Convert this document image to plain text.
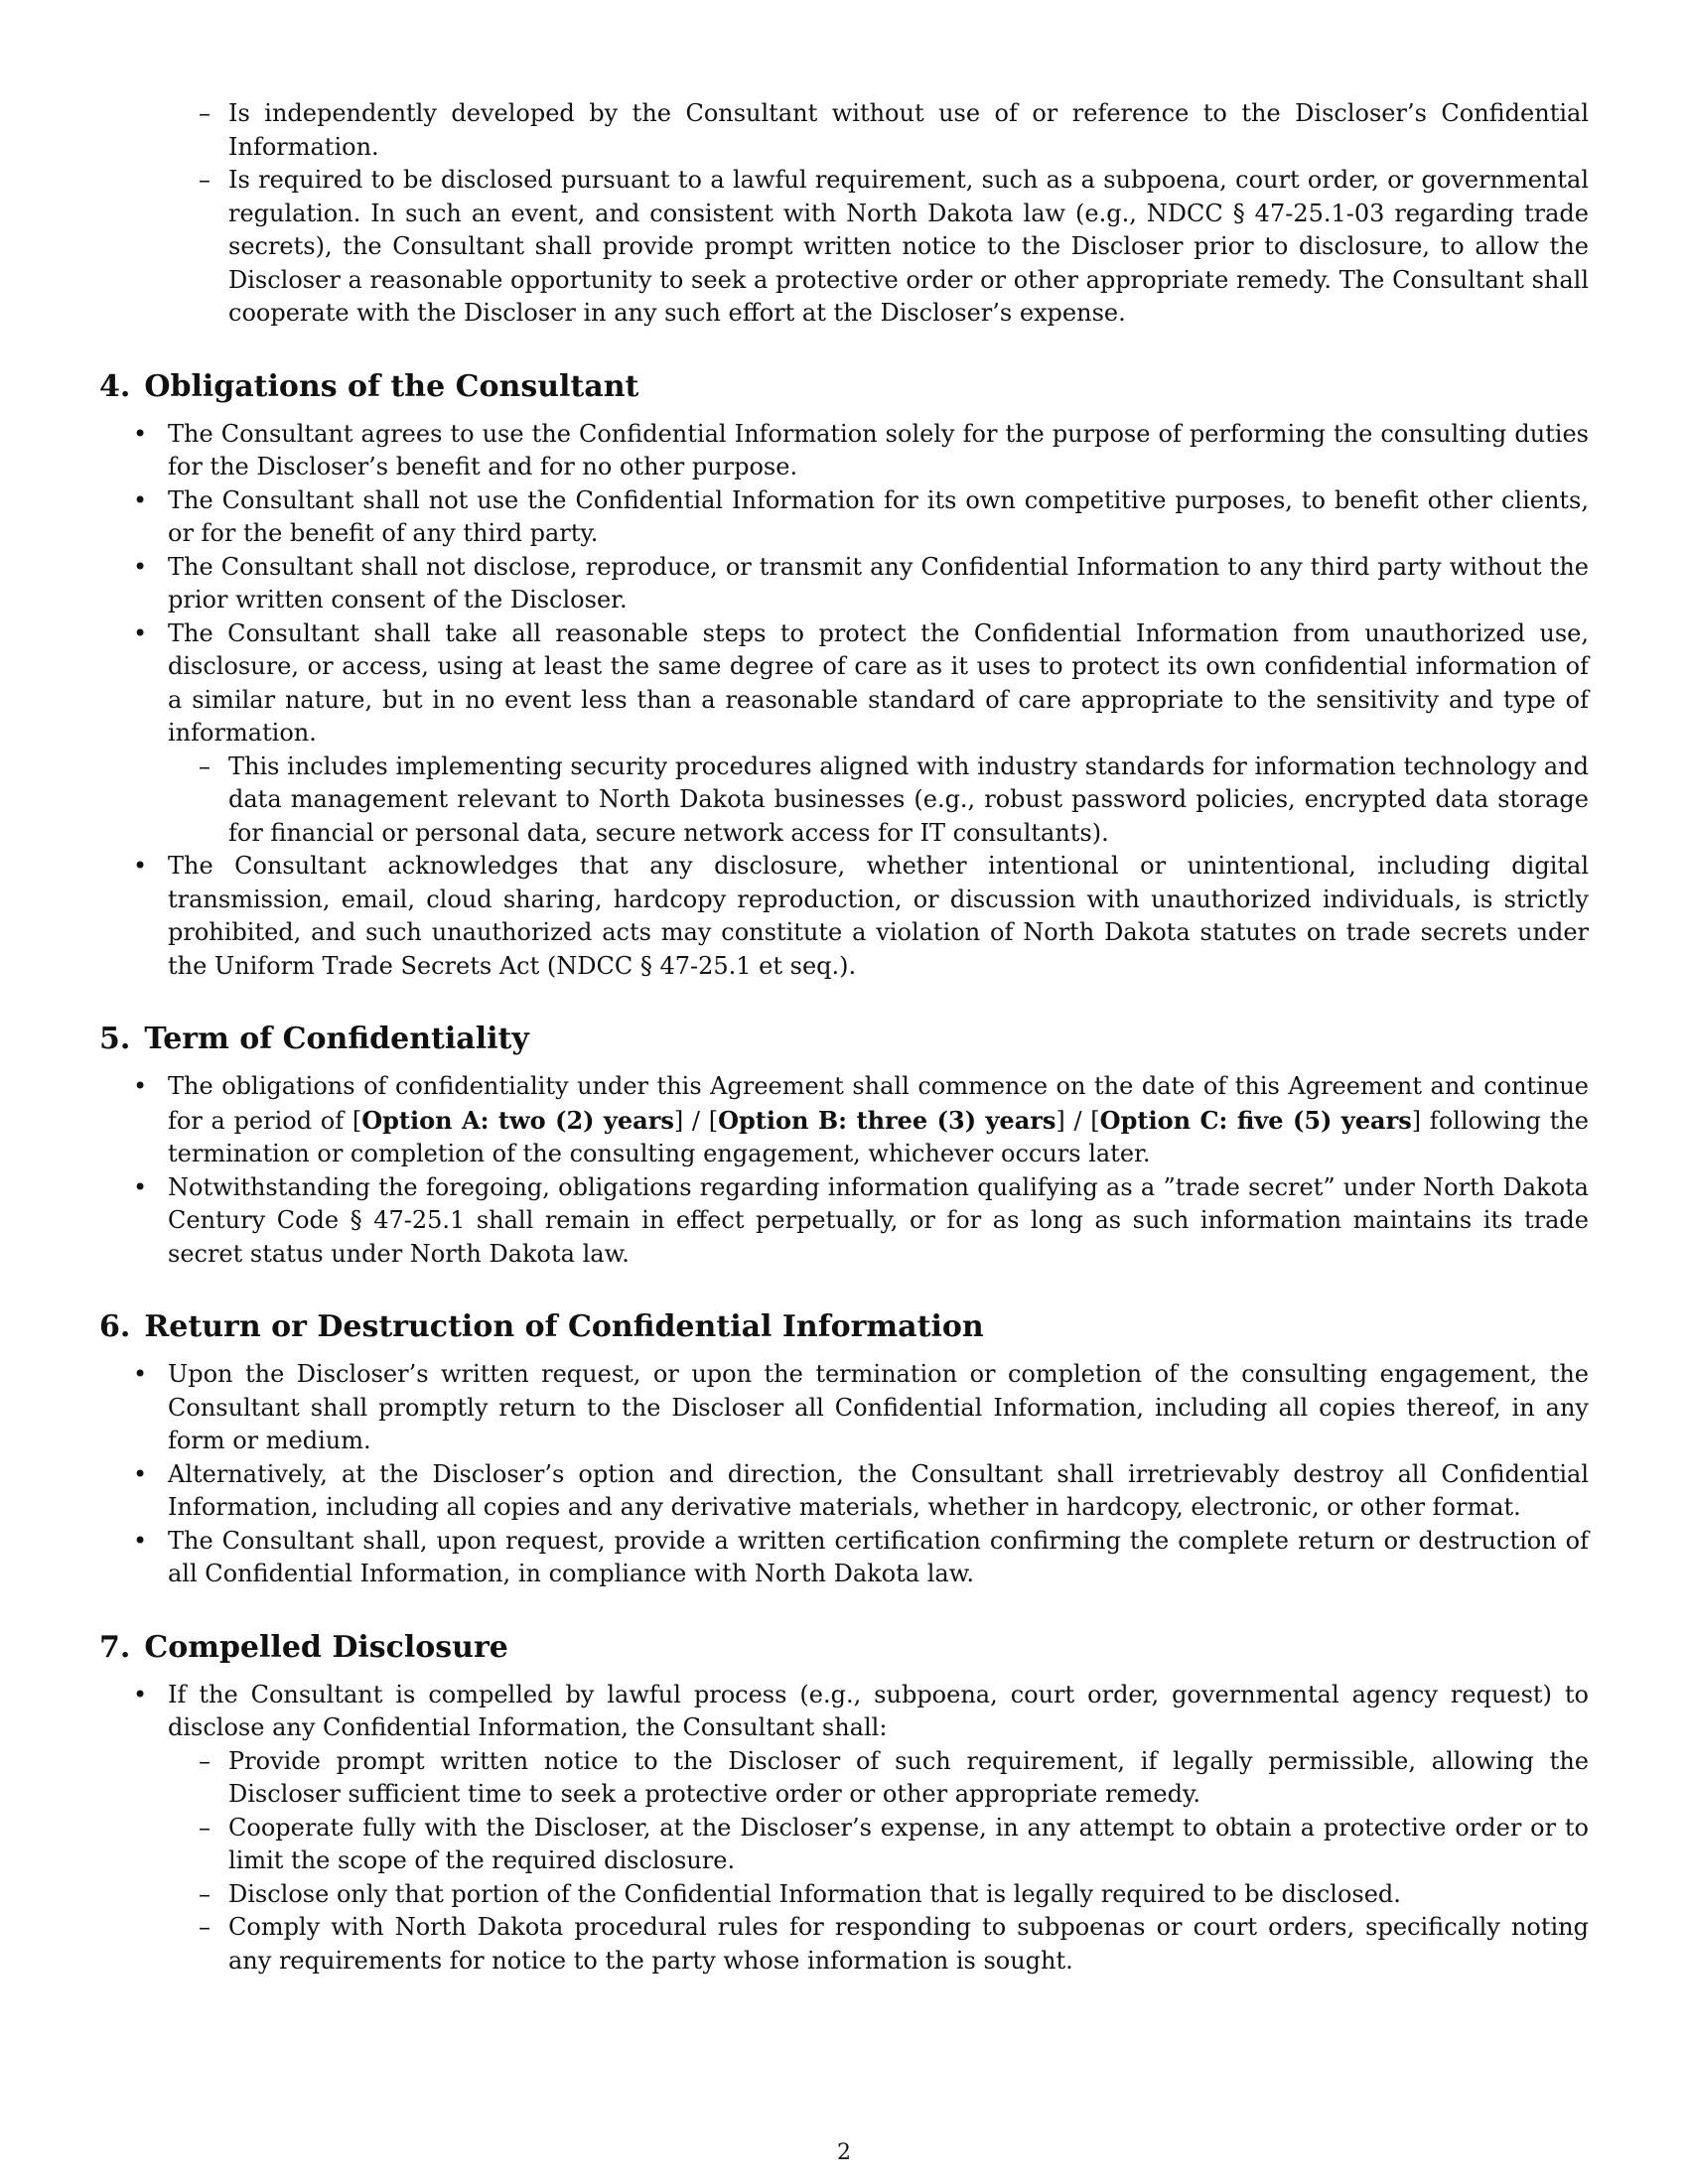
– Is independently developed by the Consultant without use of or reference to the Discloser’s Confidential Information.
– Is required to be disclosed pursuant to a lawful requirement, such as a subpoena, court order, or governmental regulation. In such an event, and consistent with North Dakota law (e.g., NDCC § 47-25.1-03 regarding trade secrets), the Consultant shall provide prompt written notice to the Discloser prior to disclosure, to allow the Discloser a reasonable opportunity to seek a protective order or other appropriate remedy. The Consultant shall cooperate with the Discloser in any such effort at the Discloser’s expense.
4. Obligations of the Consultant
• The Consultant agrees to use the Confidential Information solely for the purpose of performing the consulting duties for the Discloser’s benefit and for no other purpose.
• The Consultant shall not use the Confidential Information for its own competitive purposes, to benefit other clients, or for the benefit of any third party.
• The Consultant shall not disclose, reproduce, or transmit any Confidential Information to any third party without the prior written consent of the Discloser.
• The Consultant shall take all reasonable steps to protect the Confidential Information from unauthorized use, disclosure, or access, using at least the same degree of care as it uses to protect its own confidential information of a similar nature, but in no event less than a reasonable standard of care appropriate to the sensitivity and type of information.
– This includes implementing security procedures aligned with industry standards for information technology and data management relevant to North Dakota businesses (e.g., robust password policies, encrypted data storage for financial or personal data, secure network access for IT consultants).
• The Consultant acknowledges that any disclosure, whether intentional or unintentional, including digital transmission, email, cloud sharing, hardcopy reproduction, or discussion with unauthorized individuals, is strictly prohibited, and such unauthorized acts may constitute a violation of North Dakota statutes on trade secrets under the Uniform Trade Secrets Act (NDCC § 47-25.1 et seq.).
5. Term of Confidentiality
• The obligations of confidentiality under this Agreement shall commence on the date of this Agreement and continue for a period of [Option A: two (2) years] / [Option B: three (3) years] / [Option C: five (5) years] following the termination or completion of the consulting engagement, whichever occurs later.
• Notwithstanding the foregoing, obligations regarding information qualifying as a ”trade secret” under North Dakota Century Code § 47-25.1 shall remain in effect perpetually, or for as long as such information maintains its trade secret status under North Dakota law.
6. Return or Destruction of Confidential Information
• Upon the Discloser’s written request, or upon the termination or completion of the consulting engagement, the Consultant shall promptly return to the Discloser all Confidential Information, including all copies thereof, in any form or medium.
• Alternatively, at the Discloser’s option and direction, the Consultant shall irretrievably destroy all Confidential Information, including all copies and any derivative materials, whether in hardcopy, electronic, or other format.
• The Consultant shall, upon request, provide a written certification confirming the complete return or destruction of all Confidential Information, in compliance with North Dakota law.
7. Compelled Disclosure
• If the Consultant is compelled by lawful process (e.g., subpoena, court order, governmental agency request) to disclose any Confidential Information, the Consultant shall:
– Provide prompt written notice to the Discloser of such requirement, if legally permissible, allowing the Discloser sufficient time to seek a protective order or other appropriate remedy.
– Cooperate fully with the Discloser, at the Discloser’s expense, in any attempt to obtain a protective order or to limit the scope of the required disclosure.
– Disclose only that portion of the Confidential Information that is legally required to be disclosed.
– Comply with North Dakota procedural rules for responding to subpoenas or court orders, specifically noting any requirements for notice to the party whose information is sought.
2
